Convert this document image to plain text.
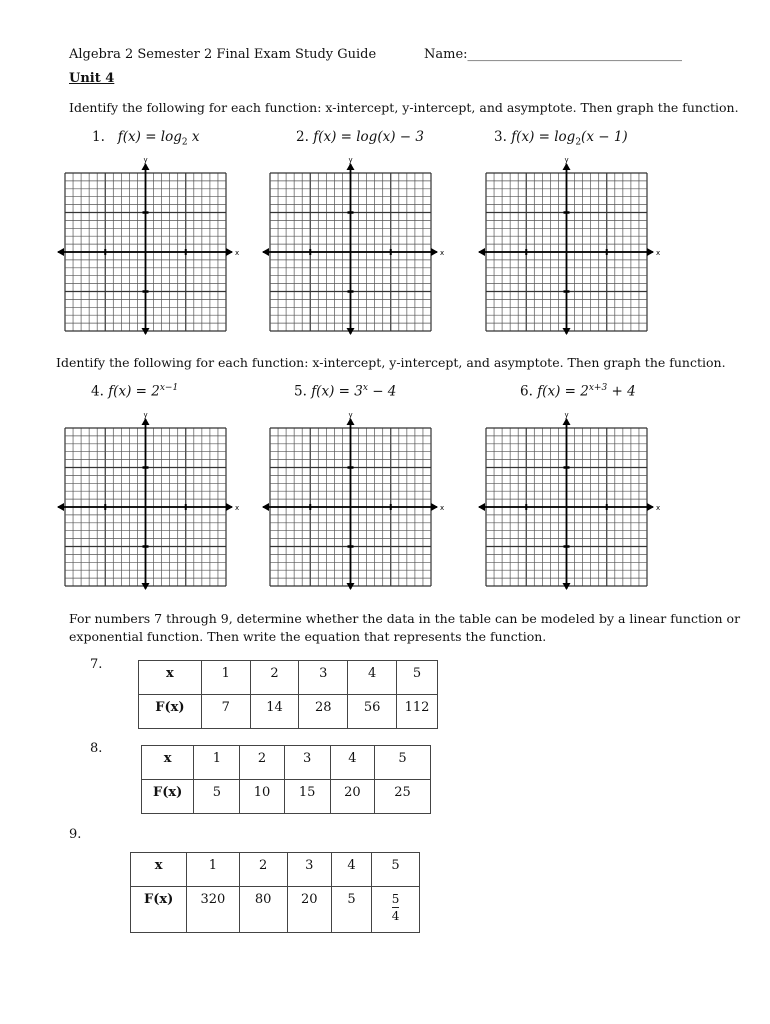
Algebra 2 Semester 2 Final Exam Study Guide	Name:_________________________________
Unit 4
Identify the following for each function: x-intercept, y-intercept, and asymptote. Then graph the function.
1. $f(x) = \log_2 x$	2. f(x) = log(x) − 3	3. $f(x) = \log_2(x - 1)$
x
y
x
y
x
y
Identify the following for each function: x-intercept, y-intercept, and asymptote. Then graph the function.
4. $f(x) = 2^{x-1}$	5. $f(x) = 3^x - 4$	6. $f(x) = 2^{x+3} + 4$
x
y
x
y
x
y
For numbers 7 through 9, determine whether the data in the table can be modeled by a linear function or
exponential function. Then write the equation that represents the function.
7.
x	1	2	3	4	5
F(x)	7	14	28	56	112
8.
x	1	2	3	4	5
F(x)	5	10	15	20	25
9.
x	1	2	3	4	5
F(x)	320	80	20	5	$\frac{5}{4}$
